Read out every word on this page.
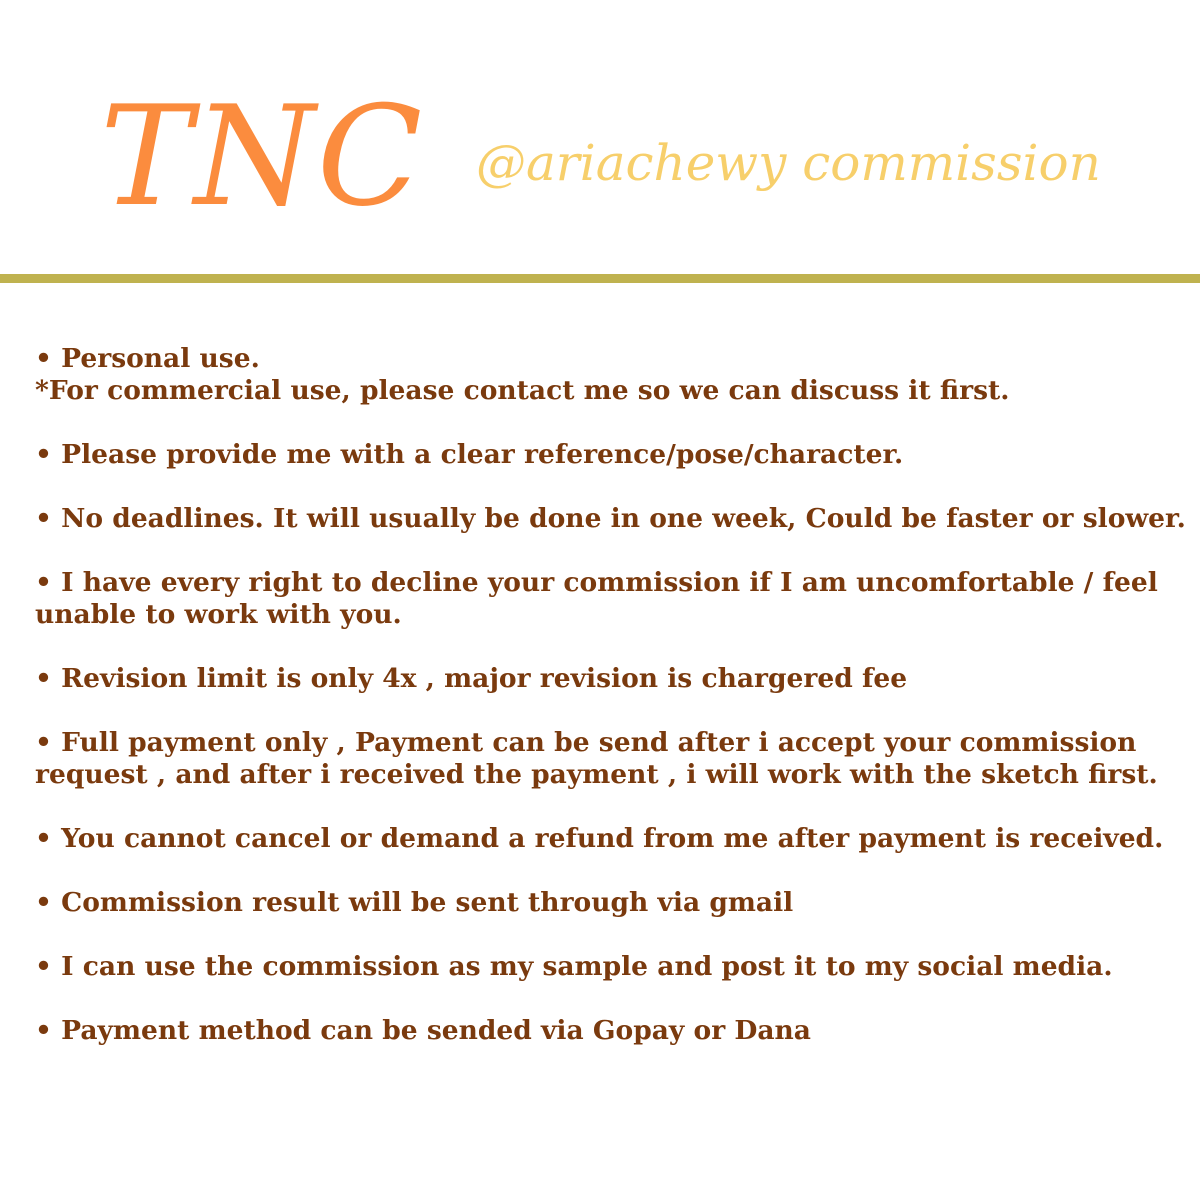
TNC @ariachewy commission
• Personal use.
*For commercial use, please contact me so we can discuss it first.
• Please provide me with a clear reference/pose/character.
• No deadlines. It will usually be done in one week, Could be faster or slower.
• I have every right to decline your commission if I am uncomfortable / feel
unable to work with you.
• Revision limit is only 4x , major revision is chargered fee
• Full payment only , Payment can be send after i accept your commission
request , and after i received the payment , i will work with the sketch first.
• You cannot cancel or demand a refund from me after payment is received.
• Commission result will be sent through via gmail
• I can use the commission as my sample and post it to my social media.
• Payment method can be sended via Gopay or Dana
